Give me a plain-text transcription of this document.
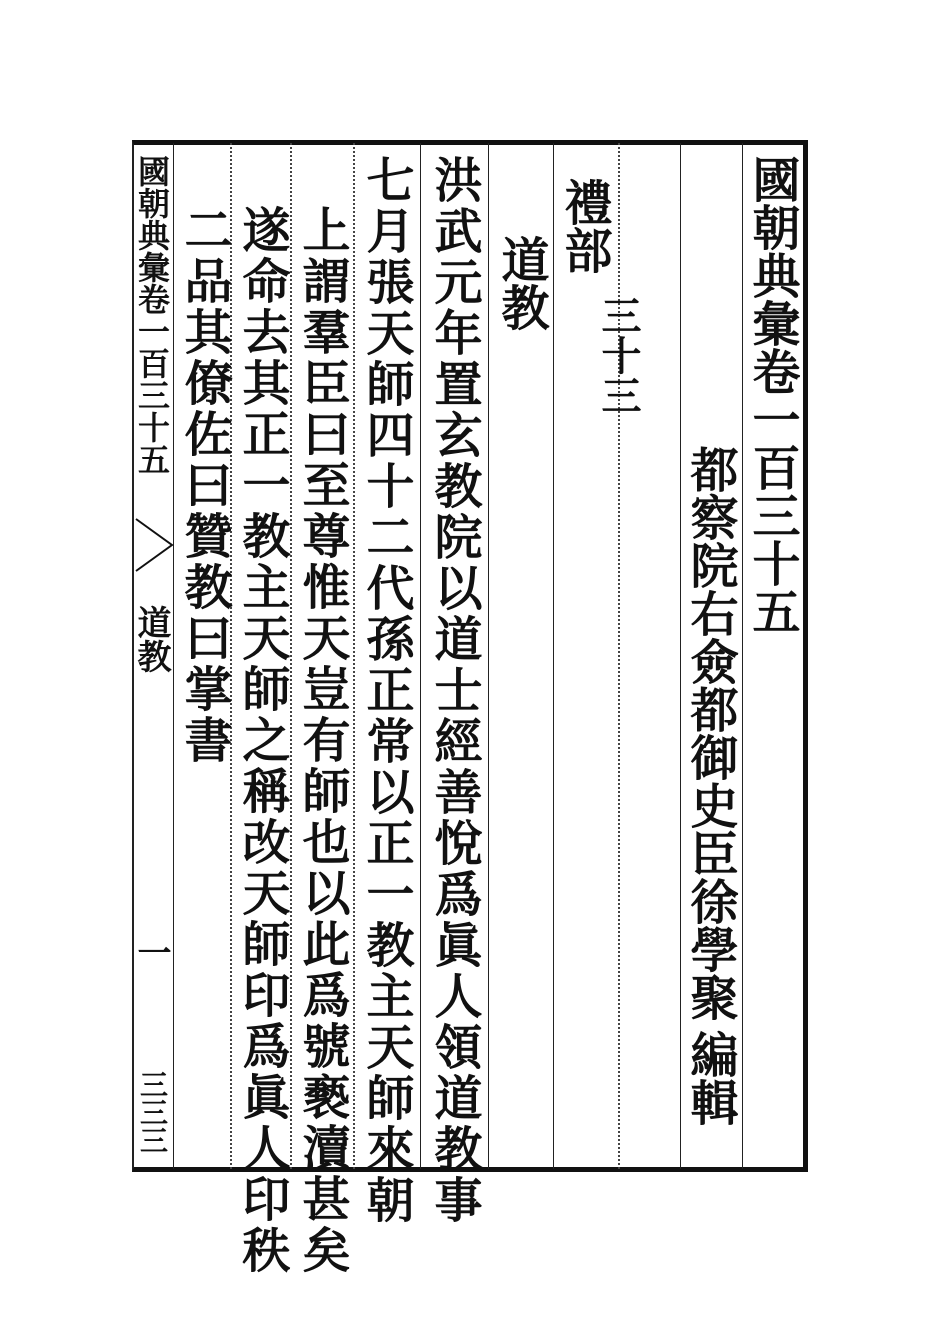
國朝典彙卷一百三十五
都察院右僉都御史臣徐學聚
編輯
禮部
三十三
道教
洪武元年置玄教院以道士經善悅爲眞人領道教事
七月張天師四十二代孫正常以正一教主天師來朝
上謂羣臣曰至尊惟天豈有師也以此爲號褻瀆甚矣
遂命去其正一教主天師之稱改天師印爲眞人印秩
二品其僚佐曰贊教曰掌書
國朝典彙卷一百三十五
道教
一
三三三
